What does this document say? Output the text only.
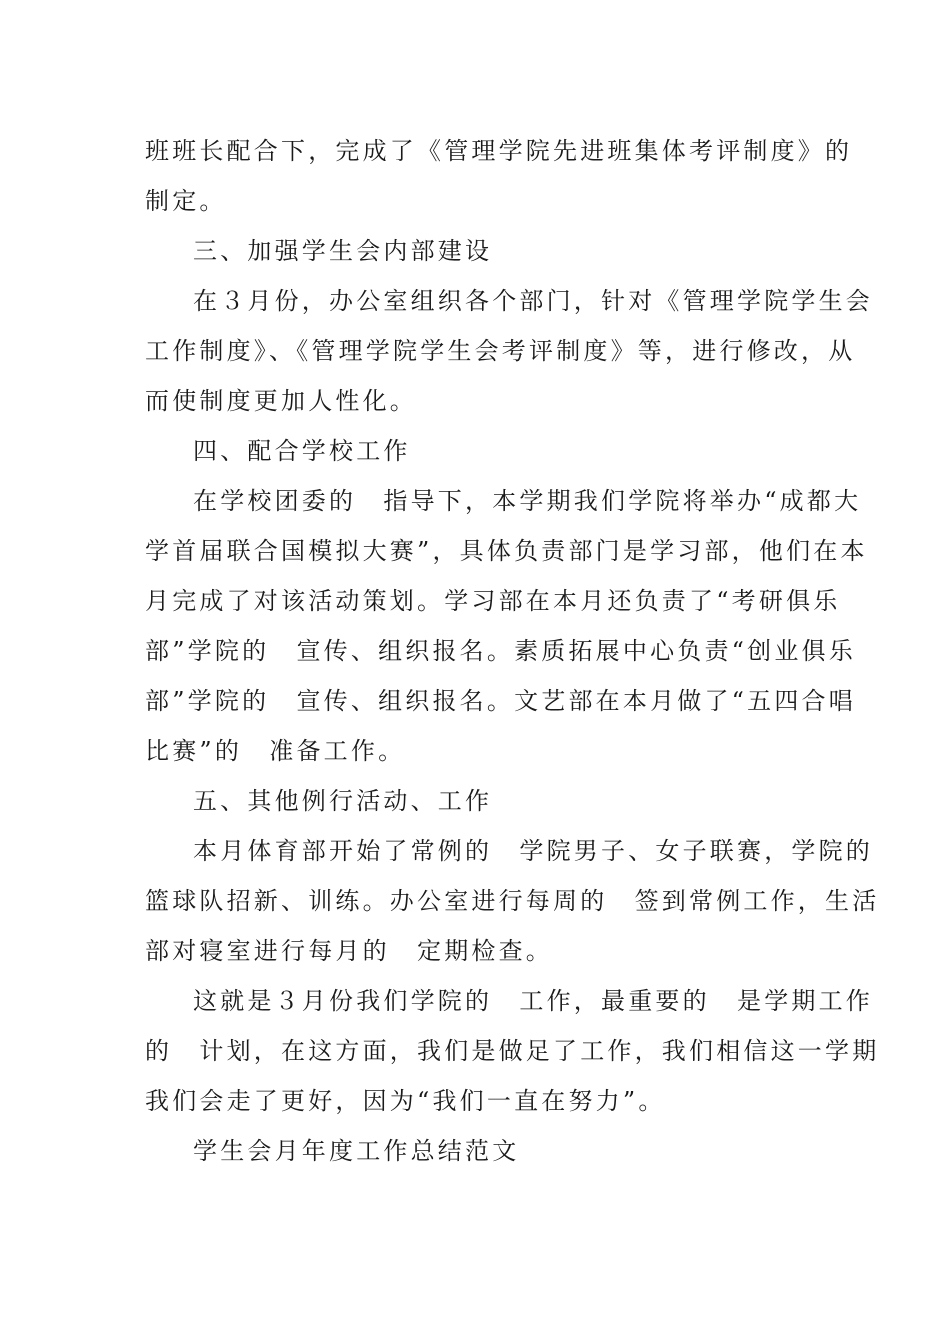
班班长配合下，完成了《管理学院先进班集体考评制度》的
制定。
三、加强学生会内部建设
在３月份，办公室组织各个部门，针对《管理学院学生会
工作制度》、《管理学院学生会考评制度》等，进行修改，从
而使制度更加人性化。
四、配合学校工作
在学校团委的　指导下，本学期我们学院将举办“成都大
学首届联合国模拟大赛”，具体负责部门是学习部，他们在本
月完成了对该活动策划。学习部在本月还负责了“考研俱乐
部”学院的　宣传、组织报名。素质拓展中心负责“创业俱乐
部”学院的　宣传、组织报名。文艺部在本月做了“五四合唱
比赛”的　准备工作。
五、其他例行活动、工作
本月体育部开始了常例的　学院男子、女子联赛，学院的
篮球队招新、训练。办公室进行每周的　签到常例工作，生活
部对寝室进行每月的　定期检查。
这就是３月份我们学院的　工作，最重要的　是学期工作
的　计划，在这方面，我们是做足了工作，我们相信这一学期
我们会走了更好，因为“我们一直在努力”。
学生会月年度工作总结范文
